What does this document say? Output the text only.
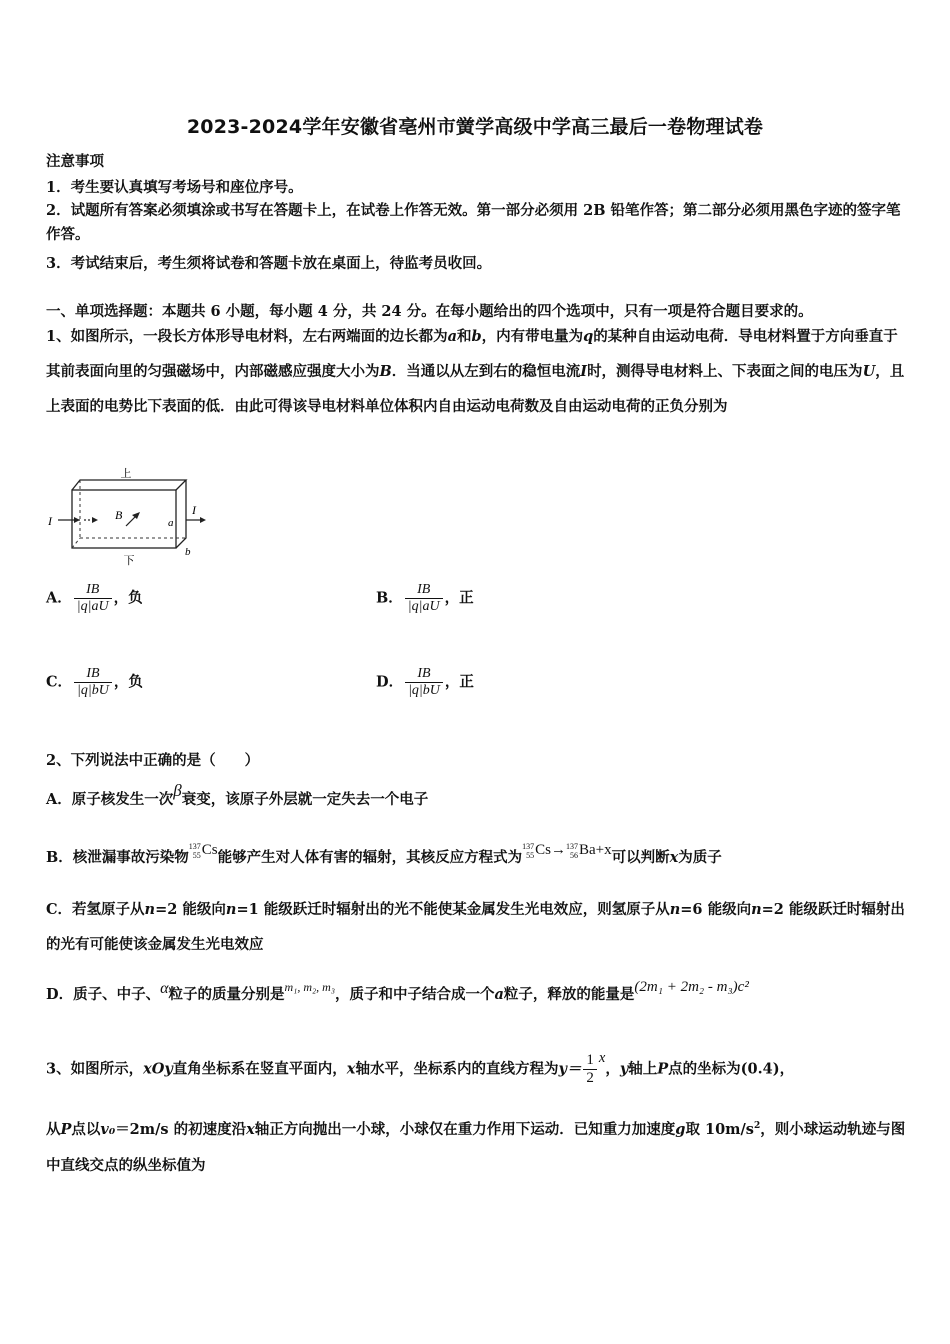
2023-2024学年安徽省亳州市黉学高级中学高三最后一卷物理试卷
注意事项
1．考生要认真填写考场号和座位序号。
2．试题所有答案必须填涂或书写在答题卡上，在试卷上作答无效。第一部分必须用 2B 铅笔作答；第二部分必须用黑色字迹的签字笔作答。
3．考试结束后，考生须将试卷和答题卡放在桌面上，待监考员收回。
一、单项选择题：本题共 6 小题，每小题 4 分，共 24 分。在每小题给出的四个选项中，只有一项是符合题目要求的。
1、如图所示，一段长方体形导电材料，左右两端面的边长都为a和b，内有带电量为q的某种自由运动电荷．导电材料置于方向垂直于其前表面向里的匀强磁场中，内部磁感应强度大小为B．当通以从左到右的稳恒电流I时，测得导电材料上、下表面之间的电压为U，且上表面的电势比下表面的低．由此可得该导电材料单位体积内自由运动电荷数及自由运动电荷的正负分别为
上
下
I
I
B
a
b
A． $\frac{IB}{|q|aU}$ ，负	B． $\frac{IB}{|q|aU}$ ，正
C． $\frac{IB}{|q|bU}$ ，负	D． $\frac{IB}{|q|bU}$ ，正
2、下列说法中正确的是（　　）
A．原子核发生一次β衰变，该原子外层就一定失去一个电子
B．核泄漏事故污染物137
55Cs能够产生对人体有害的辐射，其核反应方程式为137
55Cs→137
56Ba+x可以判断x为质子
C．若氢原子从n=2 能级向n=1 能级跃迁时辐射出的光不能使某金属发生光电效应，则氢原子从n=6 能级向n=2 能级跃迁时辐射出的光有可能使该金属发生光电效应
D．质子、中子、α粒子的质量分别是$^{m_1, m_2, m_3}$，质子和中子结合成一个a粒子，释放的能量是(2m₁ + 2m₂ - m₃)c²
3、如图所示，xOy直角坐标系在竖直平面内，x轴水平，坐标系内的直线方程为$y= \frac{1}{2}$ x，y轴上P点的坐标为(0.4)，
从P点以v₀＝2m/s 的初速度沿x轴正方向抛出一小球，小球仅在重力作用下运动．已知重力加速度g取 $10m/s^2$，则小球运动轨迹与图中直线交点的纵坐标值为
